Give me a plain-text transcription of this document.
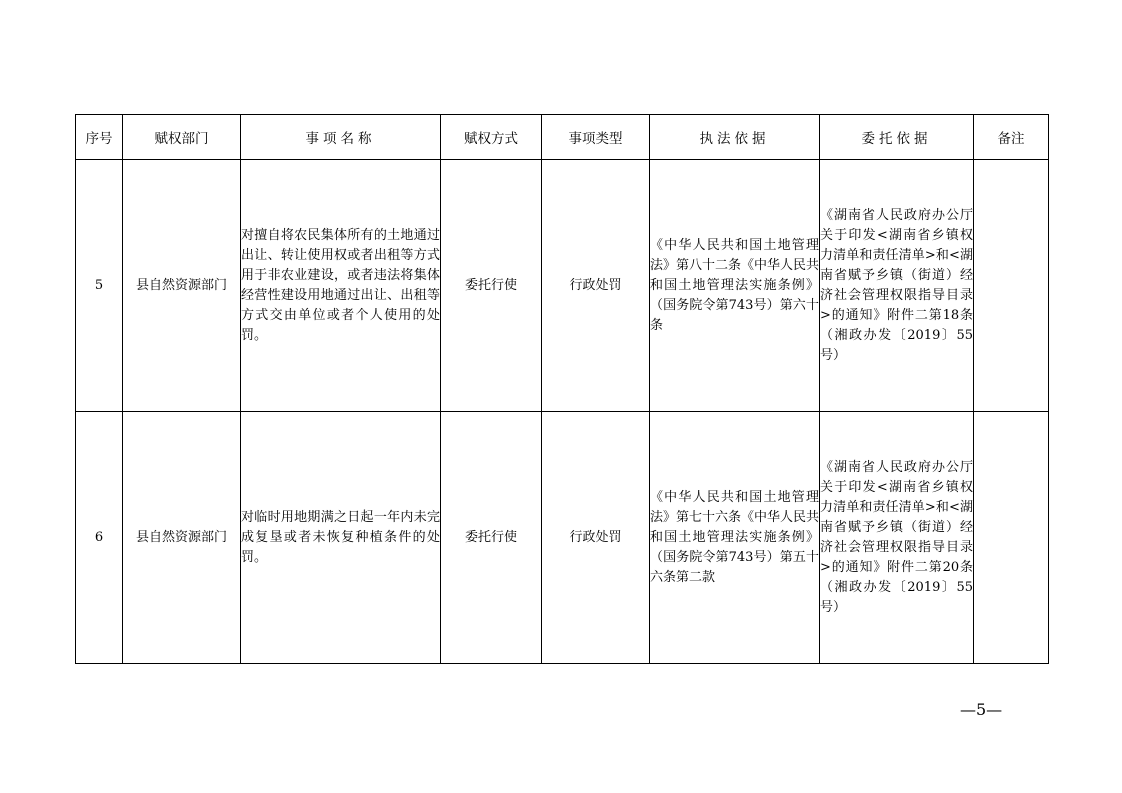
序号	赋权部门	事项名称	赋权方式	事项类型	执法依据	委托依据	备注
5	县自然资源部门	对擅自将农民集体所有的土地通过出让、转让使用权或者出租等方式用于非农业建设，或者违法将集体经营性建设用地通过出让、出租等方式交由单位或者个人使用的处罚。	委托行使	行政处罚	《中华人民共和国土地管理法》第八十二条《中华人民共和国土地管理法实施条例》（国务院令第743号）第六十条	《湖南省人民政府办公厅关于印发<湖南省乡镇权力清单和责任清单>和<湖南省赋予乡镇（街道）经济社会管理权限指导目录>的通知》附件二第18条（湘政办发〔2019〕55号）	
6	县自然资源部门	对临时用地期满之日起一年内未完成复垦或者未恢复种植条件的处罚。	委托行使	行政处罚	《中华人民共和国土地管理法》第七十六条《中华人民共和国土地管理法实施条例》（国务院令第743号）第五十六条第二款	《湖南省人民政府办公厅关于印发<湖南省乡镇权力清单和责任清单>和<湖南省赋予乡镇（街道）经济社会管理权限指导目录>的通知》附件二第20条（湘政办发〔2019〕55号）	
—5—
